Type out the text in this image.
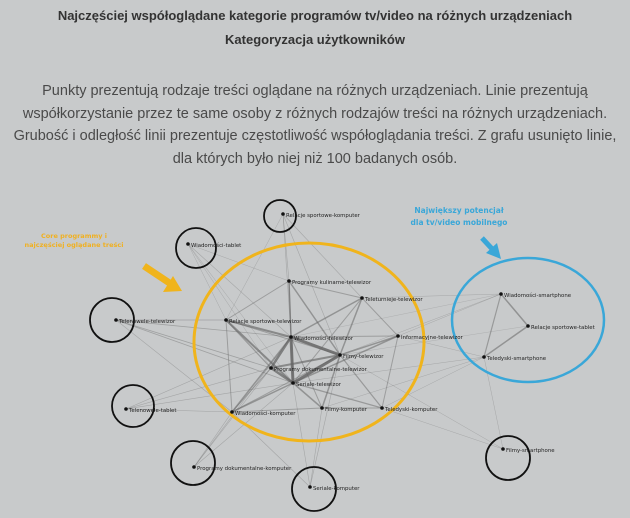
Najczęściej współoglądane kategorie programów tv/video na różnych urządzeniach
Kategoryzacja użytkowników
Punkty prezentują rodzaje treści oglądane na różnych urządzeniach. Linie prezentują współkorzystanie przez te same osoby z różnych rodzajów treści na różnych urządzeniach. Grubość i odległość linii prezentuje częstotliwość współoglądania treści. Z grafu usunięto linie, dla których było niej niż 100 badanych osób.
Core programmy i
najczęściej oglądane treści
Największy potencjał
dla tv/video mobilnego
Relacje sportowe-komputer
Wiadomości-tablet
Programy kulinarne-telewizor
Teleturnieje-telewizor
Informacyjne-telewizor
Relacje sportowe-telewizor
Wiadomości-telewizor
Telenowele-telewizor
Filmy-telewizor
Programy dokumentalne-telewizor
Seriale-telewizor
Telenowele-tablet	Wiadomości-komputer
Filmy-komputer	Teledyski-komputer
Wiadomości-smartphone
Relacje sportowe-tablet
Teledyski-smartphone
Filmy-smartphone
Programy dokumentalne-komputer
Seriale-komputer
